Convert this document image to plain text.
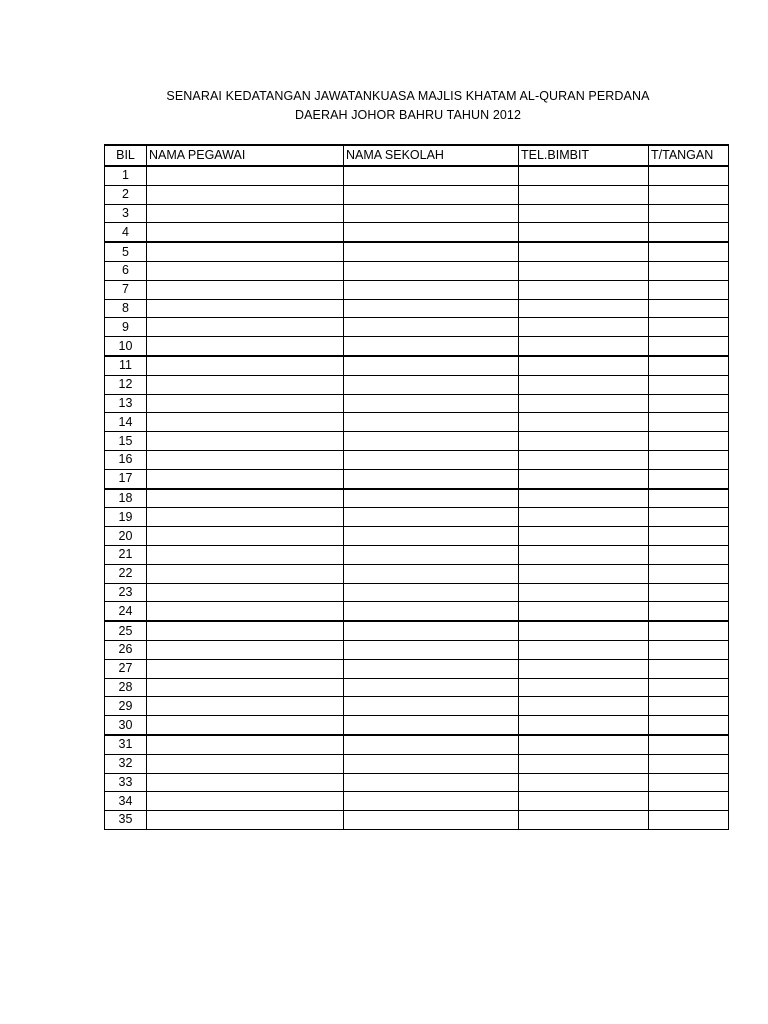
SENARAI KEDATANGAN JAWATANKUASA MAJLIS KHATAM AL-QURAN PERDANA
DAERAH JOHOR BAHRU TAHUN 2012
BIL	NAMA PEGAWAI	NAMA SEKOLAH	TEL.BIMBIT	T/TANGAN
1				
2				
3				
4				
5				
6				
7				
8				
9				
10				
11				
12				
13				
14				
15				
16				
17				
18				
19				
20				
21				
22				
23				
24				
25				
26				
27				
28				
29				
30				
31				
32				
33				
34				
35				
